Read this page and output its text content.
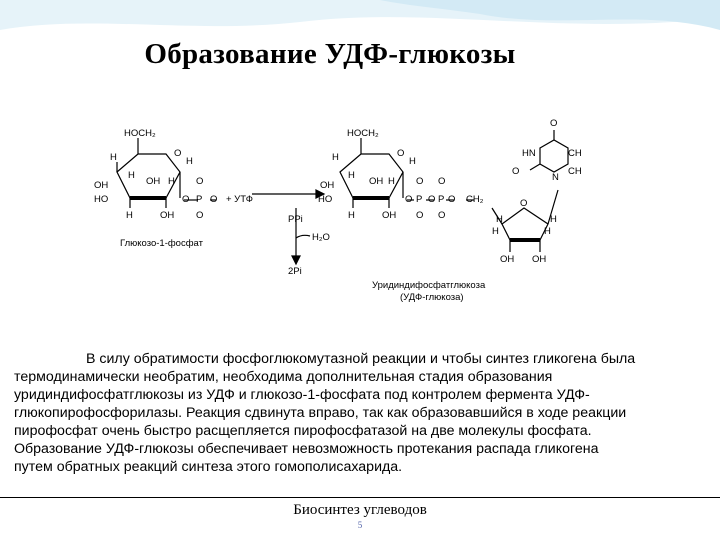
Образование УДФ-глюкозы
HOCH₂
H	O
H
H
OH	OH H
HO
H	OH
O P O
O
O
+ УТФ
PPi
H₂O
2Pi
HOCH₂
H	O
H
H
OH	OH H
HO
H	OH
O P O P O
O O
O O
CH₂	O
H	H
H	H
OH OH
O
HN	CH
O
N
CH
Уридиндифосфатглюкоза
(УДФ-глюкоза)
Глюкозо-1-фосфат
В силу обратимости фосфоглюкомутазной реакции и чтобы синтез гликогена была
термодинамически необратим, необходима дополнительная стадия образования
уридиндифосфатглюкозы из УДФ и глюкозо-1-фосфата под контролем фермента УДФ-
глюкопирофосфорилазы. Реакция сдвинута вправо, так как образовавшийся в ходе реакции
пирофосфат очень быстро расщепляется пирофосфатазой на две молекулы фосфата.
Образование УДФ-глюкозы обеспечивает невозможность протекания распада гликогена
путем обратных реакций синтеза этого гомополисахарида.
Биосинтез углеводов
5
